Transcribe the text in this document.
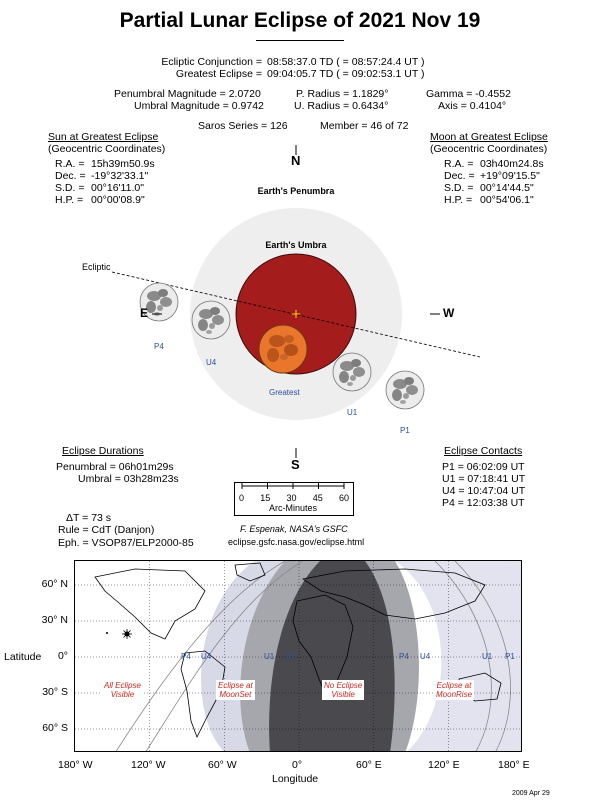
Partial Lunar Eclipse of 2021 Nov 19
Ecliptic Conjunction = 08:58:37.0 TD ( = 08:57:24.4 UT )
Greatest Eclipse = 09:04:05.7 TD ( = 09:02:53.1 UT )
Penumbral Magnitude = 2.0720
Umbral Magnitude = 0.9742
P. Radius = 1.1829°
U. Radius = 0.6434°
Gamma = -0.4552
Axis = 0.4104°
Saros Series = 126	Member = 46 of 72
Sun at Greatest Eclipse
(Geocentric Coordinates)
R.A. = 15h39m50.9s
Dec. = -19°32'33.1"
S.D. = 00°16'11.0"
H.P. = 00°00'08.9"
Moon at Greatest Eclipse
(Geocentric Coordinates)
R.A. = 03h40m24.8s
Dec. = +19°09'15.5"
S.D. = 00°14'44.5"
H.P. = 00°54'06.1"
N
S
E	W
Earth's Penumbra
Earth's Umbra
Ecliptic
P4
U4
Greatest
U1
P1
Eclipse Durations
Penumbral = 06h01m29s
Umbral = 03h28m23s
Eclipse Contacts
P1 = 06:02:09 UT
U1 = 07:18:41 UT
U4 = 10:47:04 UT
P4 = 12:03:38 UT
0 15 30 45 60
Arc-Minutes
ΔT = 73 s
Rule = CdT (Danjon)
Eph. = VSOP87/ELP2000-85
F. Espenak, NASA's GSFC
eclipse.gsfc.nasa.gov/eclipse.html
P4 U4	U1 P1	P4 U4	U1 P1
All Eclipse
Visible
Eclipse at
MoonSet
No Eclipse
Visible
Eclipse at
MoonRise
60° N
30° N
0°
30° S
60° S
Latitude
180° W	120° W	60° W	0°	60° E	120° E	180° E
Longitude
2009 Apr 29
